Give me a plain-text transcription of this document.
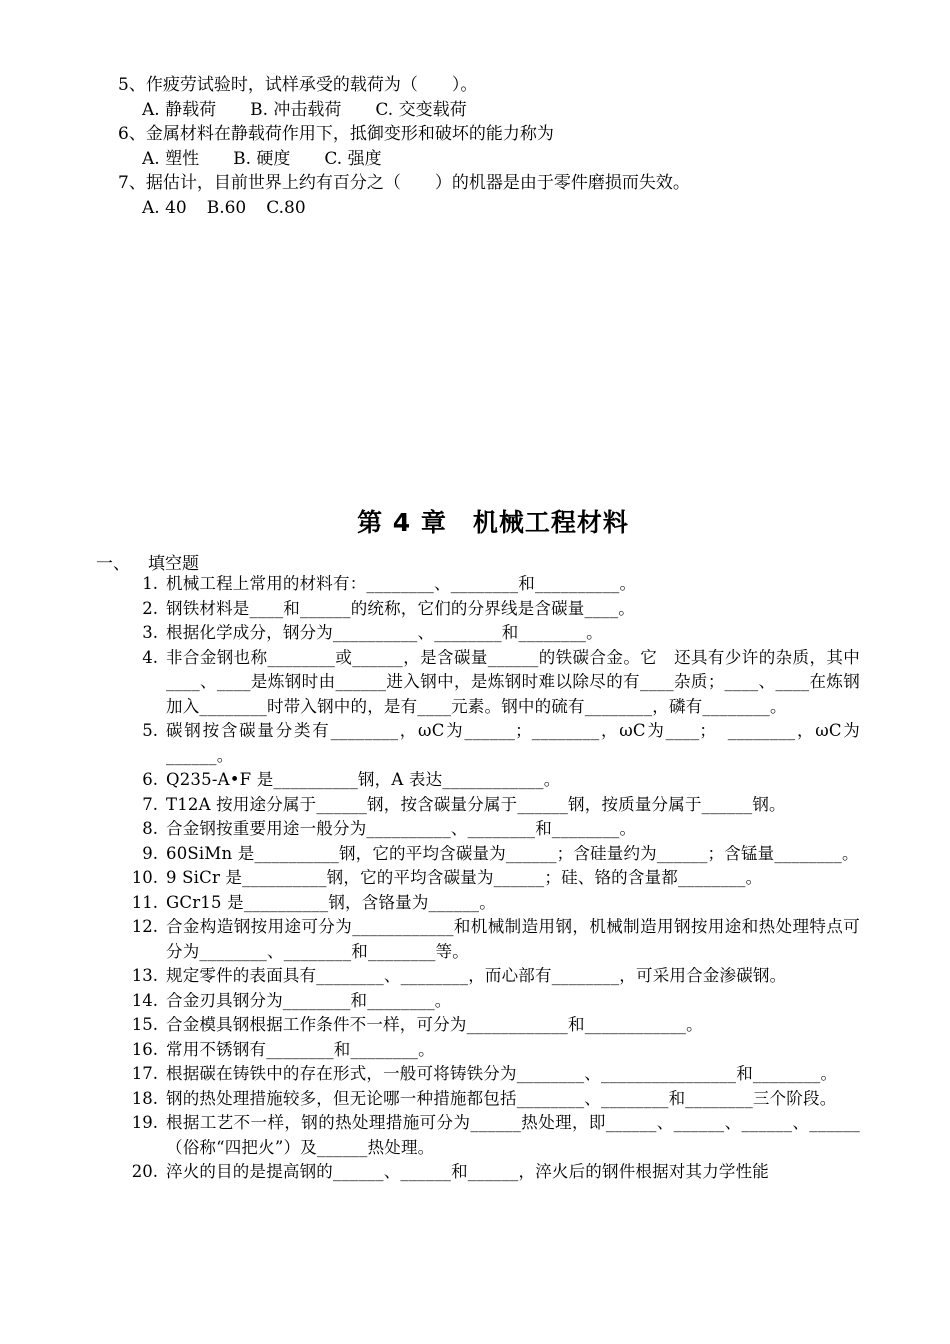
5、作疲劳试验时，试样承受的载荷为（　　）。
A. 静载荷 B. 冲击载荷 C. 交变载荷
6、金属材料在静载荷作用下，抵御变形和破坏的能力称为
A. 塑性 B. 硬度 C. 强度
7、据估计，目前世界上约有百分之（　　）的机器是由于零件磨损而失效。
A. 40 B.60 C.80
第 4 章　机械工程材料
一、 填空题
1. 机械工程上常用的材料有：________、________和__________。
2. 钢铁材料是____和______的统称，它们的分界线是含碳量____。
3. 根据化学成分，钢分为__________、________和________。
4. 非合金钢也称________或______，是含碳量______的铁碳合金。它　还具有少许的杂质，其中____、____是炼钢时由______进入钢中，是炼钢时难以除尽的有____杂质；____、____在炼钢加入________时带入钢中的，是有____元素。钢中的硫有________，磷有________。
5. 碳钢按含碳量分类有________，ωC为______；________，ωC为____；　________，ωC为______。
6. Q235-A•F 是__________钢，A 表达____________。
7. T12A 按用途分属于______钢，按含碳量分属于______钢，按质量分属于______钢。
8. 合金钢按重要用途一般分为__________、________和________。
9. 60SiMn 是__________钢，它的平均含碳量为______；含硅量约为______；含锰量________。
10. 9 SiCr 是__________钢，它的平均含碳量为______；硅、铬的含量都________。
11. GCr15 是__________钢，含铬量为______。
12. 合金构造钢按用途可分为____________和机械制造用钢，机械制造用钢按用途和热处理特点可分为________、________和________等。
13. 规定零件的表面具有________、________，而心部有________，可采用合金渗碳钢。
14. 合金刃具钢分为________和________。
15. 合金模具钢根据工作条件不一样，可分为____________和____________。
16. 常用不锈钢有________和________。
17. 根据碳在铸铁中的存在形式，一般可将铸铁分为________、________________和________。
18. 钢的热处理措施较多，但无论哪一种措施都包括________、________和________三个阶段。
19. 根据工艺不一样，钢的热处理措施可分为______热处理，即______、______、______、______（俗称“四把火”）及______热处理。
20. 淬火的目的是提高钢的______、______和______，淬火后的钢件根据对其力学性能
